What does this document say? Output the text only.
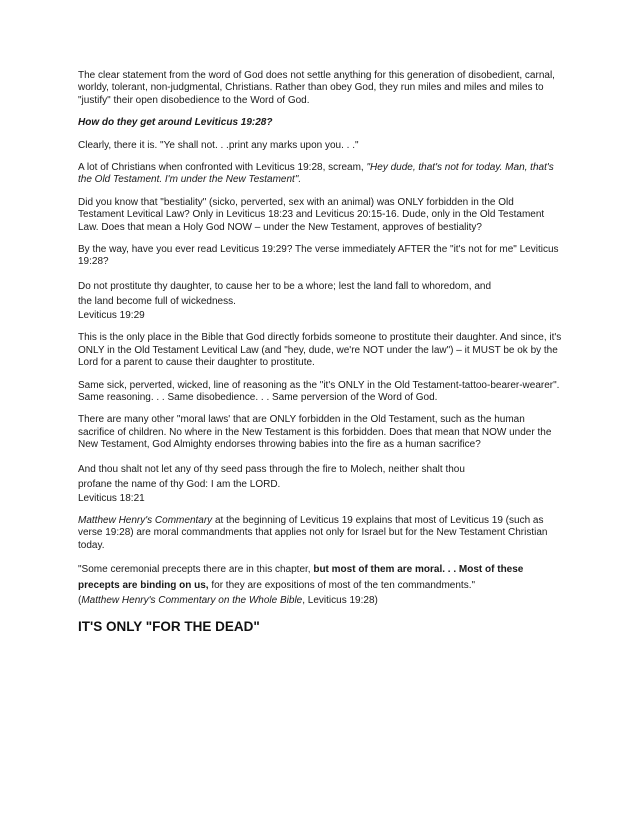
The clear statement from the word of God does not settle anything for this generation of disobedient, carnal, worldy, tolerant, non-judgmental, Christians. Rather than obey God, they run miles and miles and miles to "justify" their open disobedience to the Word of God.

How do they get around Leviticus 19:28?

Clearly, there it is. "Ye shall not. . .print any marks upon you. . ."

A lot of Christians when confronted with Leviticus 19:28, scream, "Hey dude, that's not for today. Man, that's the Old Testament. I'm under the New Testament".

Did you know that "bestiality" (sicko, perverted, sex with an animal) was ONLY forbidden in the Old Testament Levitical Law? Only in Leviticus 18:23 and Leviticus 20:15-16. Dude, only in the Old Testament Law. Does that mean a Holy God NOW – under the New Testament, approves of bestiality?

By the way, have you ever read Leviticus 19:29? The verse immediately AFTER the "it's not for me" Leviticus 19:28?

Do not prostitute thy daughter, to cause her to be a whore; lest the land fall to whoredom, and
the land become full of wickedness.
Leviticus 19:29

This is the only place in the Bible that God directly forbids someone to prostitute their daughter. And since, it's ONLY in the Old Testament Levitical Law (and "hey, dude, we're NOT under the law") – it MUST be ok by the Lord for a parent to cause their daughter to prostitute.

Same sick, perverted, wicked, line of reasoning as the "it's ONLY in the Old Testament-tattoo-bearer-wearer". Same reasoning. . . Same disobedience. . . Same perversion of the Word of God.

There are many other "moral laws' that are ONLY forbidden in the Old Testament, such as the human sacrifice of children. No where in the New Testament is this forbidden. Does that mean that NOW under the New Testament, God Almighty endorses throwing babies into the fire as a human sacrifice?

And thou shalt not let any of thy seed pass through the fire to Molech, neither shalt thou
profane the name of thy God: I am the LORD.
Leviticus 18:21

Matthew Henry's Commentary at the beginning of Leviticus 19 explains that most of Leviticus 19 (such as verse 19:28) are moral commandments that applies not only for Israel but for the New Testament Christian today.

"Some ceremonial precepts there are in this chapter, but most of them are moral. . . Most of these precepts are binding on us, for they are expositions of most of the ten commandments."
(Matthew Henry's Commentary on the Whole Bible, Leviticus 19:28)

IT'S ONLY "FOR THE DEAD"
